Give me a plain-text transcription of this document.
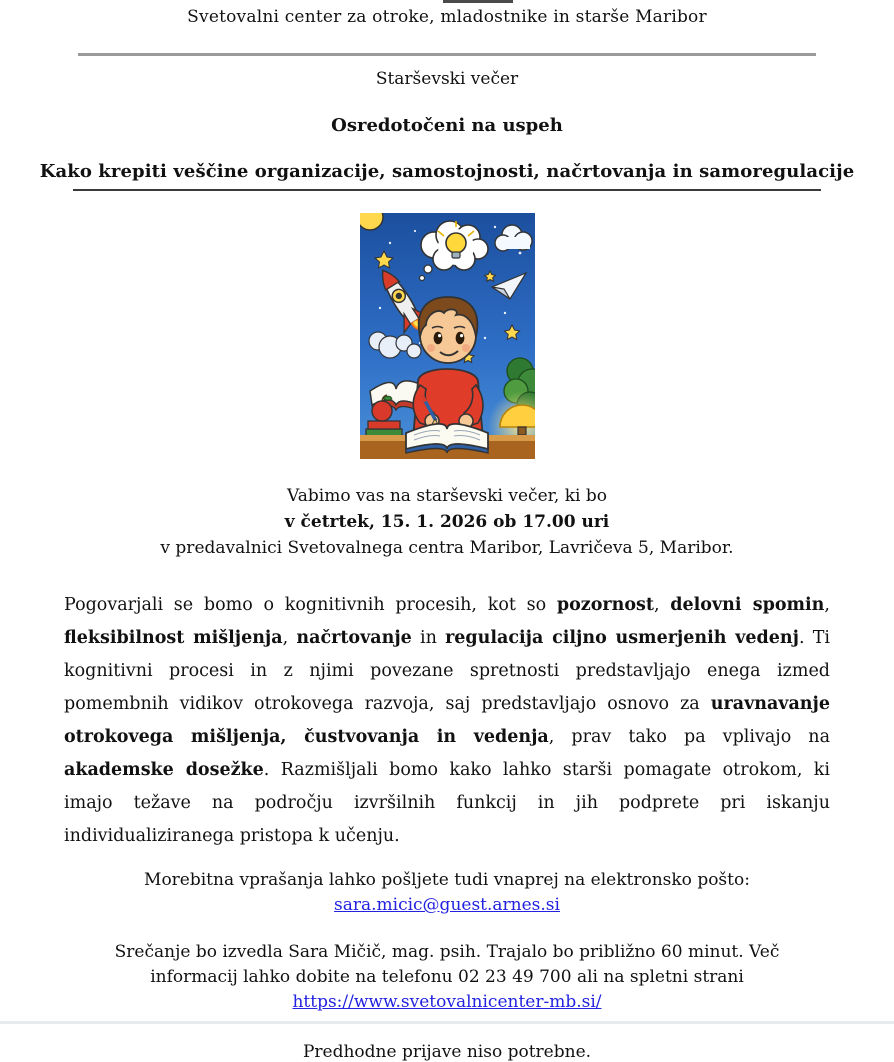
Svetovalni center za otroke, mladostnike in starše Maribor
Starševski večer
Osredotočeni na uspeh
Kako krepiti veščine organizacije, samostojnosti, načrtovanja in samoregulacije
Vabimo vas na starševski večer, ki bo
v četrtek, 15. 1. 2026 ob 17.00 uri
v predavalnici Svetovalnega centra Maribor, Lavričeva 5, Maribor.
Pogovarjali se bomo o kognitivnih procesih, kot so pozornost, delovni spomin, fleksibilnost mišljenja, načrtovanje in regulacija ciljno usmerjenih vedenj. Ti kognitivni procesi in z njimi povezane spretnosti predstavljajo enega izmed pomembnih vidikov otrokovega razvoja, saj predstavljajo osnovo za uravnavanje otrokovega mišljenja, čustvovanja in vedenja, prav tako pa vplivajo na akademske dosežke. Razmišljali bomo kako lahko starši pomagate otrokom, ki imajo težave na področju izvršilnih funkcij in jih podprete pri iskanju individualiziranega pristopa k učenju.
Morebitna vprašanja lahko pošljete tudi vnaprej na elektronsko pošto:
sara.micic@guest.arnes.si
Srečanje bo izvedla Sara Mičič, mag. psih. Trajalo bo približno 60 minut. Več
informacij lahko dobite na telefonu 02 23 49 700 ali na spletni strani
https://www.svetovalnicenter-mb.si/
Predhodne prijave niso potrebne.
